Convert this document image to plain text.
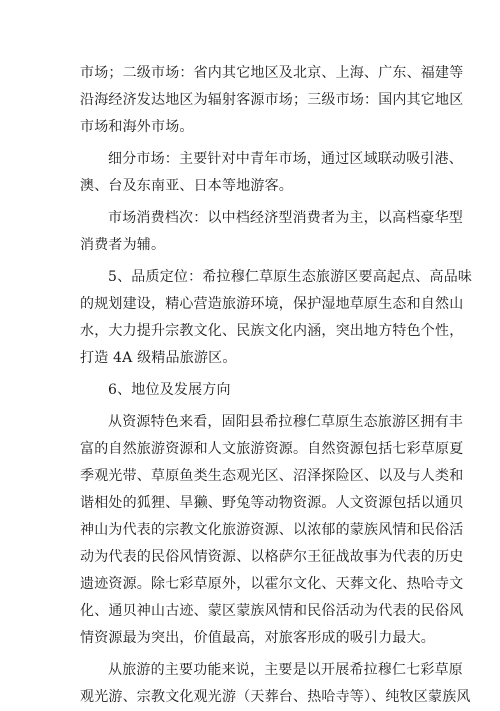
市场；二级市场：省内其它地区及北京、上海、广东、福建等
沿海经济发达地区为辐射客源市场；三级市场：国内其它地区
市场和海外市场。
细分市场：主要针对中青年市场，通过区域联动吸引港、
澳、台及东南亚、日本等地游客。
市场消费档次：以中档经济型消费者为主，以高档豪华型
消费者为辅。
5、品质定位：希拉穆仁草原生态旅游区要高起点、高品味
的规划建设，精心营造旅游环境，保护湿地草原生态和自然山
水，大力提升宗教文化、民族文化内涵，突出地方特色个性，
打造 4A 级精品旅游区。
6、地位及发展方向
从资源特色来看，固阳县希拉穆仁草原生态旅游区拥有丰
富的自然旅游资源和人文旅游资源。自然资源包括七彩草原夏
季观光带、草原鱼类生态观光区、沼泽探险区、以及与人类和
谐相处的狐狸、旱獭、野兔等动物资源。人文资源包括以通贝
神山为代表的宗教文化旅游资源、以浓郁的蒙族风情和民俗活
动为代表的民俗风情资源、以格萨尔王征战故事为代表的历史
遗迹资源。除七彩草原外，以霍尔文化、天葬文化、热哈寺文
化、通贝神山古迹、蒙区蒙族风情和民俗活动为代表的民俗风
情资源最为突出，价值最高，对旅客形成的吸引力最大。
从旅游的主要功能来说，主要是以开展希拉穆仁七彩草原
观光游、宗教文化观光游（天葬台、热哈寺等）、纯牧区蒙族风
